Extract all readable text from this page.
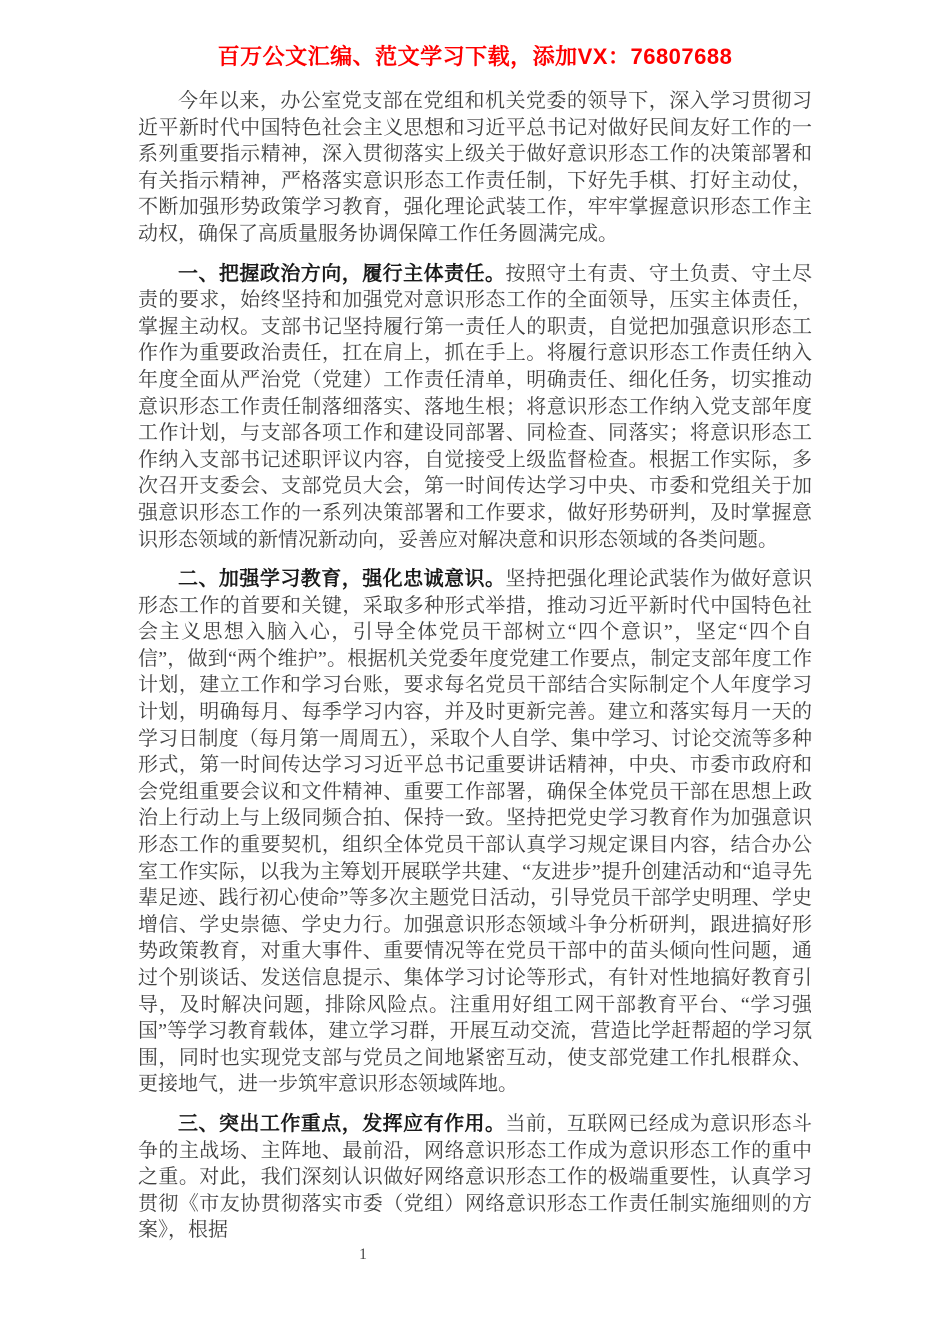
百万公文汇编、范文学习下载，添加VX：76807688

今年以来，办公室党支部在党组和机关党委的领导下，深入学习贯彻习近平新时代中国特色社会主义思想和习近平总书记对做好民间友好工作的一系列重要指示精神，深入贯彻落实上级关于做好意识形态工作的决策部署和有关指示精神，严格落实意识形态工作责任制，下好先手棋、打好主动仗，不断加强形势政策学习教育，强化理论武装工作，牢牢掌握意识形态工作主动权，确保了高质量服务协调保障工作任务圆满完成。

一、把握政治方向，履行主体责任。按照守土有责、守土负责、守土尽责的要求，始终坚持和加强党对意识形态工作的全面领导，压实主体责任，掌握主动权。支部书记坚持履行第一责任人的职责，自觉把加强意识形态工作作为重要政治责任，扛在肩上，抓在手上。将履行意识形态工作责任纳入年度全面从严治党（党建）工作责任清单，明确责任、细化任务，切实推动意识形态工作责任制落细落实、落地生根；将意识形态工作纳入党支部年度工作计划，与支部各项工作和建设同部署、同检查、同落实；将意识形态工作纳入支部书记述职评议内容，自觉接受上级监督检查。根据工作实际，多次召开支委会、支部党员大会，第一时间传达学习中央、市委和党组关于加强意识形态工作的一系列决策部署和工作要求，做好形势研判，及时掌握意识形态领域的新情况新动向，妥善应对解决意和识形态领域的各类问题。

二、加强学习教育，强化忠诚意识。坚持把强化理论武装作为做好意识形态工作的首要和关键，采取多种形式举措，推动习近平新时代中国特色社会主义思想入脑入心，引导全体党员干部树立“四个意识”，坚定“四个自信”，做到“两个维护”。根据机关党委年度党建工作要点，制定支部年度工作计划，建立工作和学习台账，要求每名党员干部结合实际制定个人年度学习计划，明确每月、每季学习内容，并及时更新完善。建立和落实每月一天的学习日制度（每月第一周周五），采取个人自学、集中学习、讨论交流等多种形式，第一时间传达学习习近平总书记重要讲话精神，中央、市委市政府和会党组重要会议和文件精神、重要工作部署，确保全体党员干部在思想上政治上行动上与上级同频合拍、保持一致。坚持把党史学习教育作为加强意识形态工作的重要契机，组织全体党员干部认真学习规定课目内容，结合办公室工作实际，以我为主筹划开展联学共建、“友进步”提升创建活动和“追寻先辈足迹、践行初心使命”等多次主题党日活动，引导党员干部学史明理、学史增信、学史崇德、学史力行。加强意识形态领域斗争分析研判，跟进搞好形势政策教育，对重大事件、重要情况等在党员干部中的苗头倾向性问题，通过个别谈话、发送信息提示、集体学习讨论等形式，有针对性地搞好教育引导，及时解决问题，排除风险点。注重用好组工网干部教育平台、“学习强国”等学习教育载体，建立学习群，开展互动交流，营造比学赶帮超的学习氛围，同时也实现党支部与党员之间地紧密互动，使支部党建工作扎根群众、更接地气，进一步筑牢意识形态领域阵地。

三、突出工作重点，发挥应有作用。当前，互联网已经成为意识形态斗争的主战场、主阵地、最前沿，网络意识形态工作成为意识形态工作的重中之重。对此，我们深刻认识做好网络意识形态工作的极端重要性，认真学习贯彻《市友协贯彻落实市委（党组）网络意识形态工作责任制实施细则的方案》，根据

1
